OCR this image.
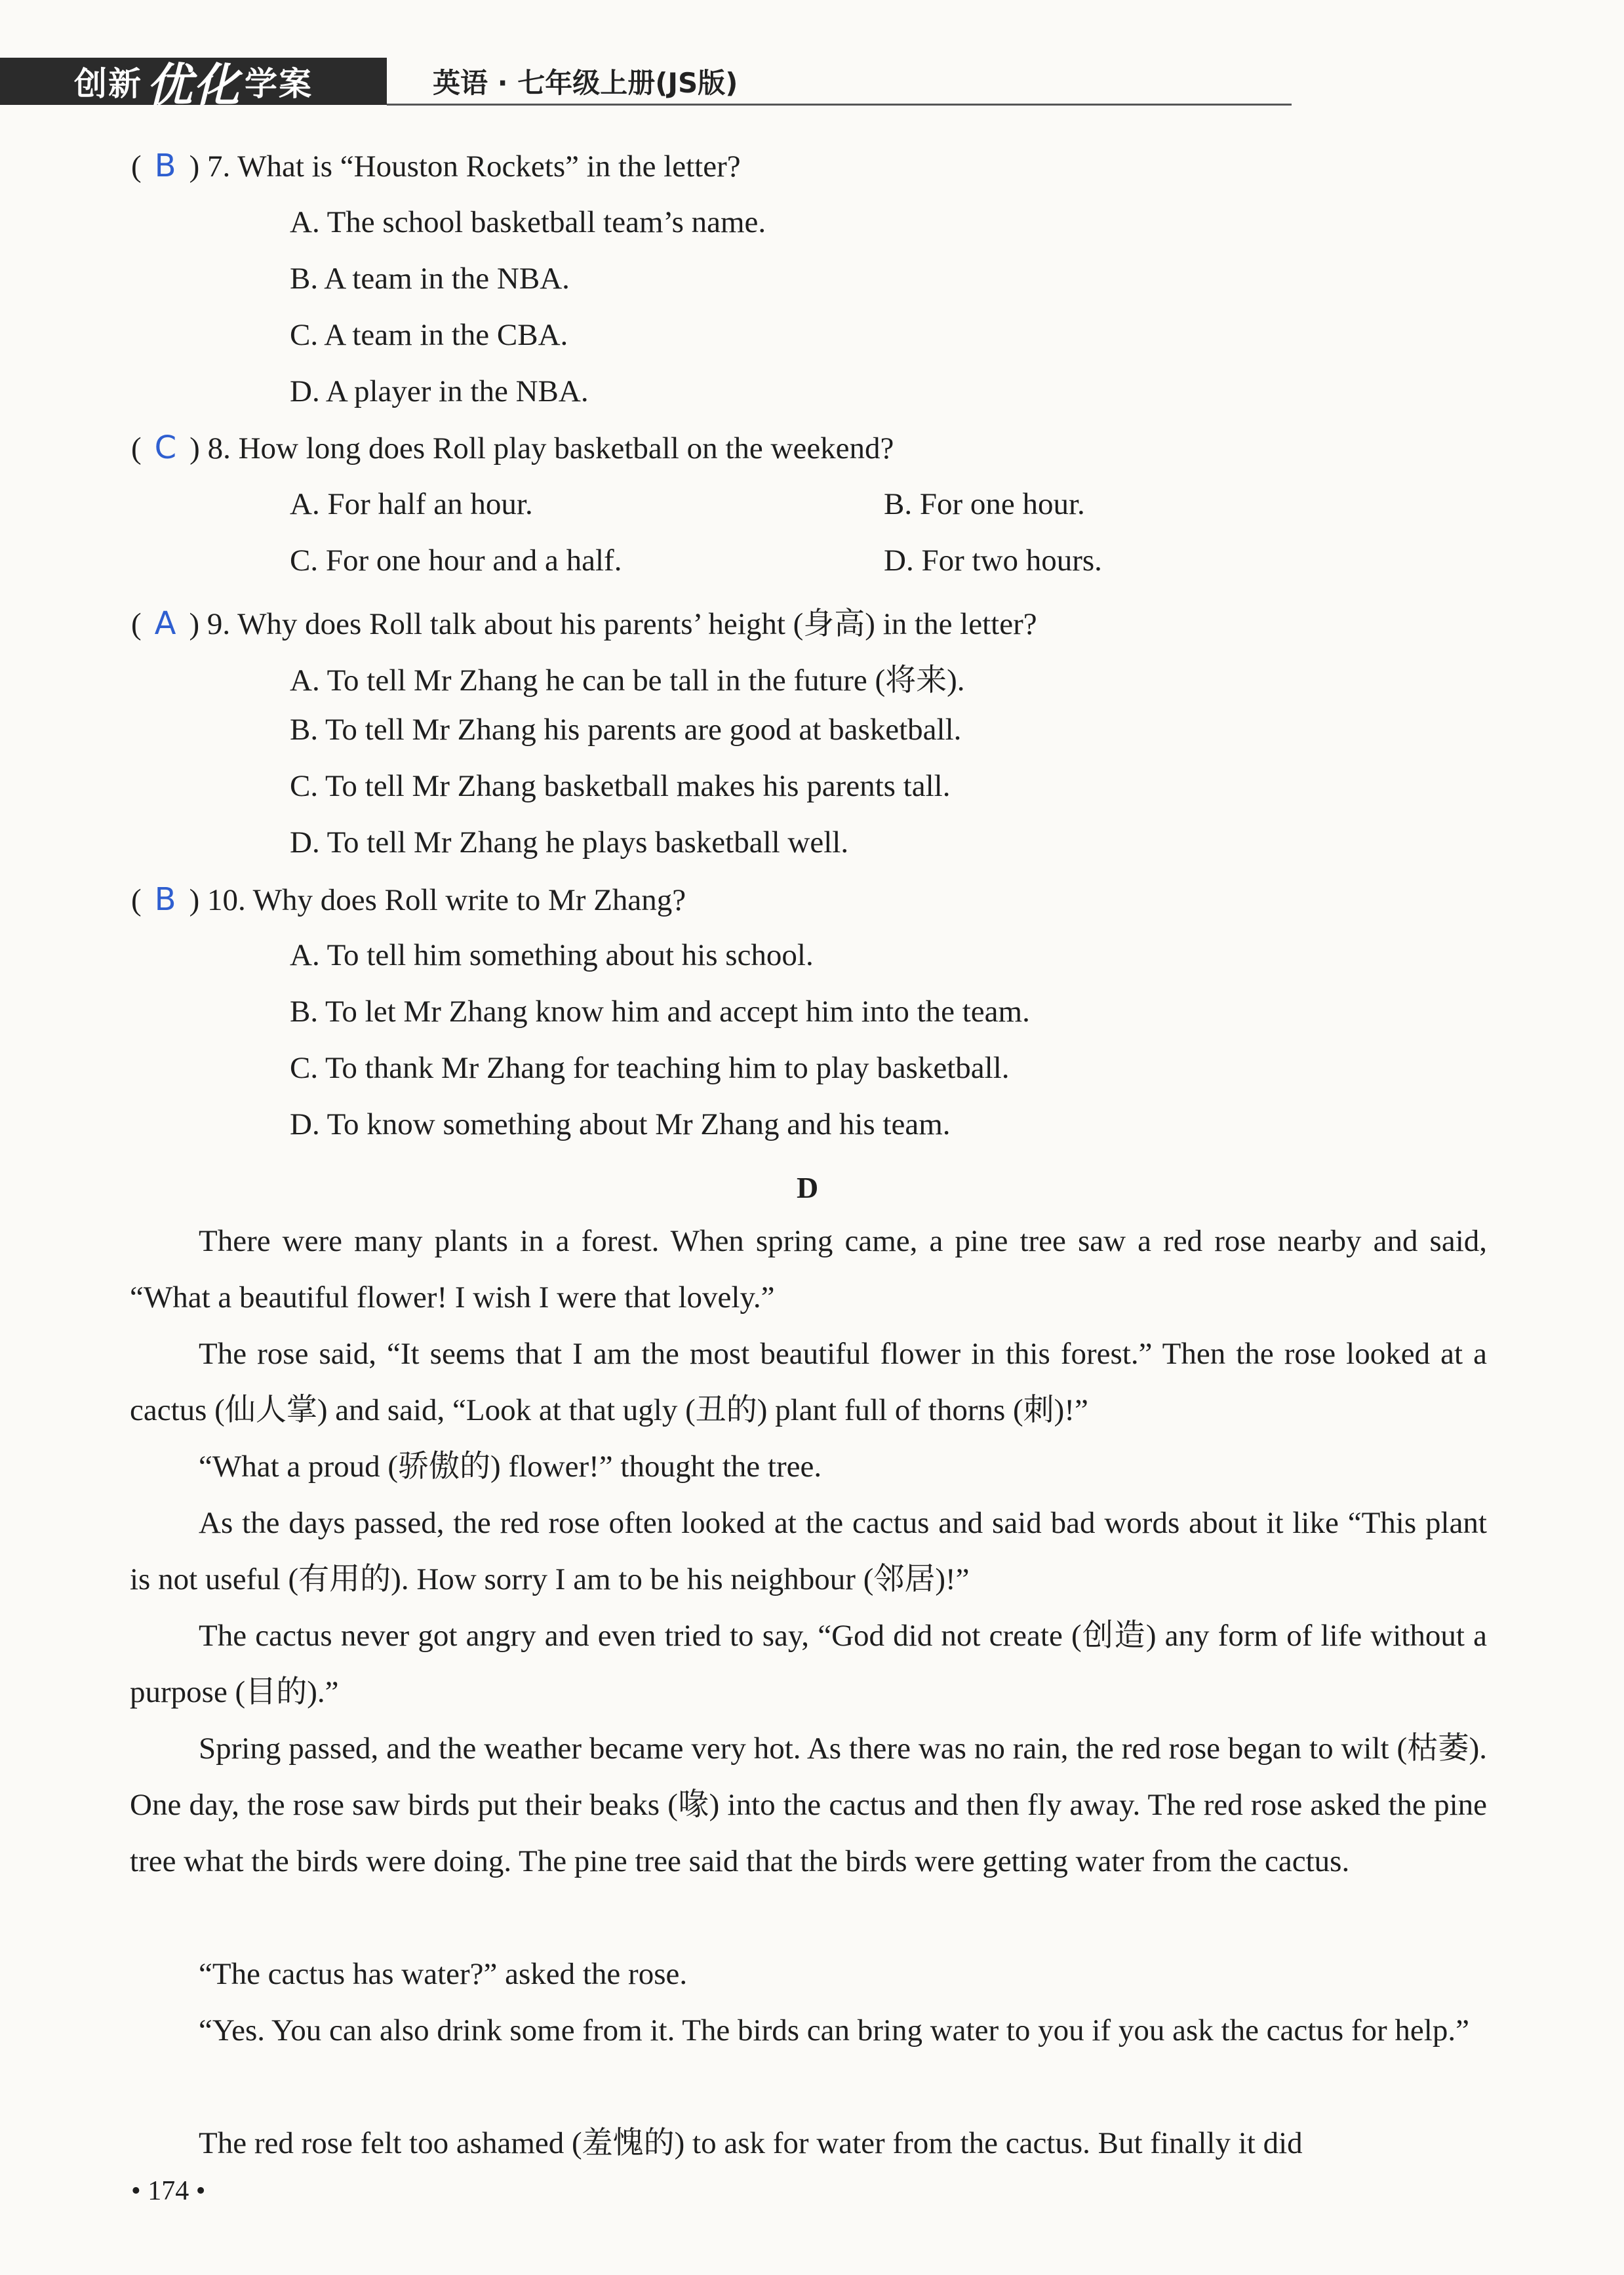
创新 优化 学案	英语 · 七年级上册(JS版)
( B ) 7. What is “Houston Rockets” in the letter?
A. The school basketball team’s name.
B. A team in the NBA.
C. A team in the CBA.
D. A player in the NBA.
( C ) 8. How long does Roll play basketball on the weekend?
A. For half an hour.	B. For one hour.
C. For one hour and a half.	D. For two hours.
( A ) 9. Why does Roll talk about his parents’ height (身高) in the letter?
A. To tell Mr Zhang he can be tall in the future (将来).
B. To tell Mr Zhang his parents are good at basketball.
C. To tell Mr Zhang basketball makes his parents tall.
D. To tell Mr Zhang he plays basketball well.
( B ) 10. Why does Roll write to Mr Zhang?
A. To tell him something about his school.
B. To let Mr Zhang know him and accept him into the team.
C. To thank Mr Zhang for teaching him to play basketball.
D. To know something about Mr Zhang and his team.
D

There were many plants in a forest. When spring came, a pine tree saw a red rose nearby and said, “What a beautiful flower! I wish I were that lovely.”

The rose said, “It seems that I am the most beautiful flower in this forest.” Then the rose looked at a cactus (仙人掌) and said, “Look at that ugly (丑的) plant full of thorns (刺)!”

“What a proud (骄傲的) flower!” thought the tree.

As the days passed, the red rose often looked at the cactus and said bad words about it like “This plant is not useful (有用的). How sorry I am to be his neighbour (邻居)!”

The cactus never got angry and even tried to say, “God did not create (创造) any form of life without a purpose (目的).”

Spring passed, and the weather became very hot. As there was no rain, the red rose began to wilt (枯萎). One day, the rose saw birds put their beaks (喙) into the cactus and then fly away. The red rose asked the pine tree what the birds were doing. The pine tree said that the birds were getting water from the cactus.

“The cactus has water?” asked the rose.

“Yes. You can also drink some from it. The birds can bring water to you if you ask the cactus for help.”

The red rose felt too ashamed (羞愧的) to ask for water from the cactus. But finally it did

• 174 •
